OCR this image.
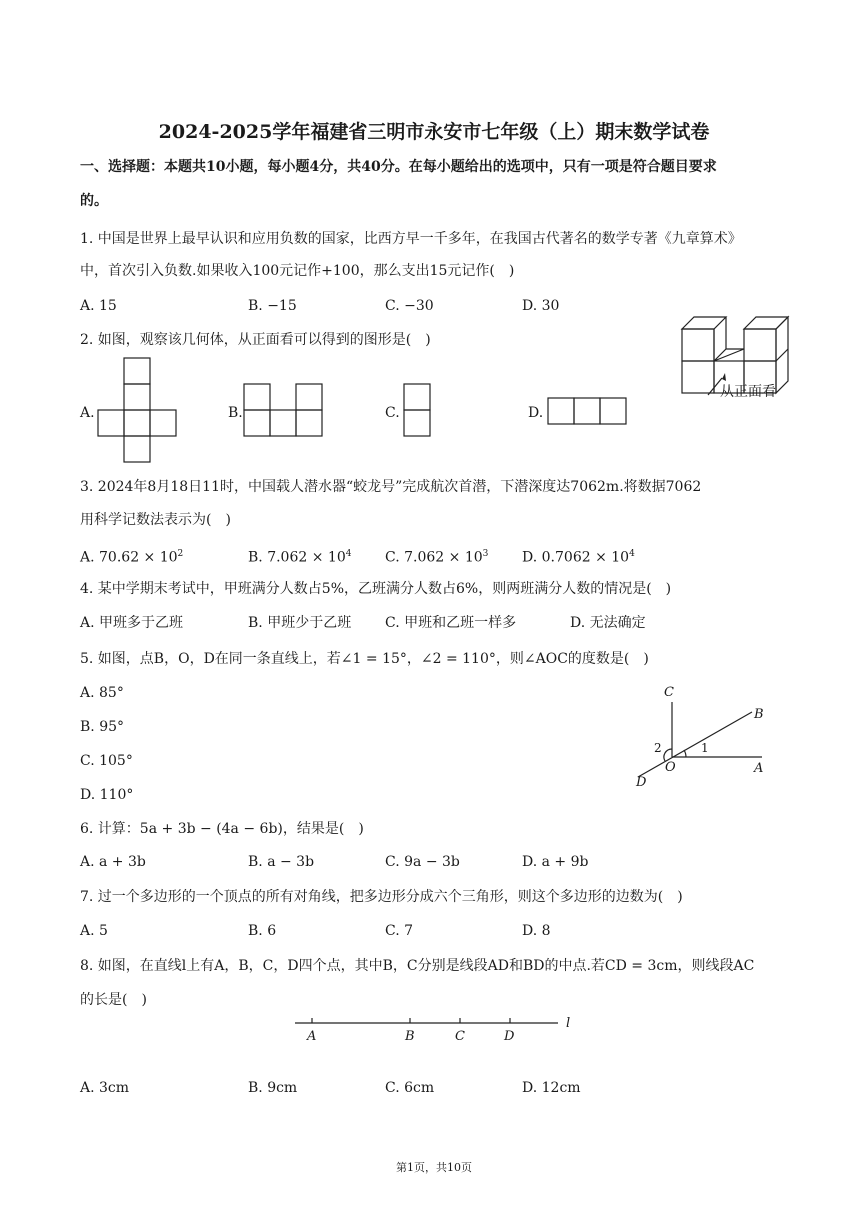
2024-2025学年福建省三明市永安市七年级（上）期末数学试卷
一、选择题：本题共10小题，每小题4分，共40分。在每小题给出的选项中，只有一项是符合题目要求
的。
1. 中国是世界上最早认识和应用负数的国家，比西方早一千多年，在我国古代著名的数学专著《九章算术》
中，首次引入负数.如果收入100元记作+100，那么支出15元记作(　)
A. 15	B. −15	C. −30	D. 30
2. 如图，观察该几何体，从正面看可以得到的图形是(　)
从正面看
A.	B.	C.	D.
3. 2024年8月18日11时，中国载人潜水器“蛟龙号”完成航次首潜，下潜深度达7062m.将数据7062
用科学记数法表示为(　)
A. $70.62 \times 10^2$	B. $7.062 \times 10^4$ C. $7.062 \times 10^3$ D. $0.7062 \times 10^4$
4. 某中学期末考试中，甲班满分人数占5%，乙班满分人数占6%，则两班满分人数的情况是(　)
A. 甲班多于乙班	B. 甲班少于乙班 C. 甲班和乙班一样多	D. 无法确定
5. 如图，点B，O，D在同一条直线上，若∠1 = 15°，∠2 = 110°，则∠AOC的度数是(　)
A. 85°
B. 95°
C. 105°
D. 110°
C
B
O	A
D
1
2
6. 计算：5a + 3b − (4a − 6b)，结果是(　)
A. a + 3b	B. a − 3b	C. 9a − 3b	D. a + 9b
7. 过一个多边形的一个顶点的所有对角线，把多边形分成六个三角形，则这个多边形的边数为(　)
A. 5	B. 6	C. 7	D. 8
8. 如图，在直线l上有A，B，C，D四个点，其中B，C分别是线段AD和BD的中点.若CD = 3cm，则线段AC
的长是(　)
A	B	C	D
l
A. 3cm	B. 9cm	C. 6cm	D. 12cm
第1页，共10页
